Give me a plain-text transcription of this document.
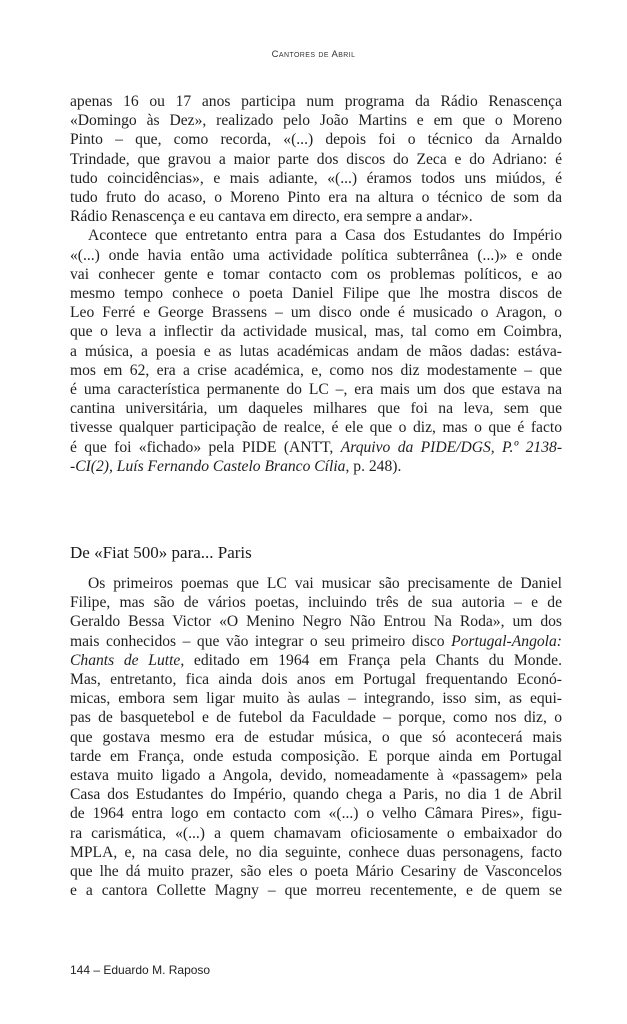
Cantores de Abril

apenas 16 ou 17 anos participa num programa da Rádio Renascença
«Domingo às Dez», realizado pelo João Martins e em que o Moreno
Pinto – que, como recorda, «(...) depois foi o técnico da Arnaldo
Trindade, que gravou a maior parte dos discos do Zeca e do Adriano: é
tudo coincidências», e mais adiante, «(...) éramos todos uns miúdos, é
tudo fruto do acaso, o Moreno Pinto era na altura o técnico de som da
Rádio Renascença e eu cantava em directo, era sempre a andar».

Acontece que entretanto entra para a Casa dos Estudantes do Império
«(...) onde havia então uma actividade política subterrânea (...)» e onde
vai conhecer gente e tomar contacto com os problemas políticos, e ao
mesmo tempo conhece o poeta Daniel Filipe que lhe mostra discos de
Leo Ferré e George Brassens – um disco onde é musicado o Aragon, o
que o leva a inflectir da actividade musical, mas, tal como em Coimbra,
a música, a poesia e as lutas académicas andam de mãos dadas: estáva-
mos em 62, era a crise académica, e, como nos diz modestamente – que
é uma característica permanente do LC –, era mais um dos que estava na
cantina universitária, um daqueles milhares que foi na leva, sem que
tivesse qualquer participação de realce, é ele que o diz, mas o que é facto
é que foi «fichado» pela PIDE (ANTT, Arquivo da PIDE/DGS, P.º 2138-
-CI(2), Luís Fernando Castelo Branco Cília, p. 248).

De «Fiat 500» para... Paris

Os primeiros poemas que LC vai musicar são precisamente de Daniel
Filipe, mas são de vários poetas, incluindo três de sua autoria – e de
Geraldo Bessa Victor «O Menino Negro Não Entrou Na Roda», um dos
mais conhecidos – que vão integrar o seu primeiro disco Portugal-Angola:
Chants de Lutte, editado em 1964 em França pela Chants du Monde.
Mas, entretanto, fica ainda dois anos em Portugal frequentando Econó-
micas, embora sem ligar muito às aulas – integrando, isso sim, as equi-
pas de basquetebol e de futebol da Faculdade – porque, como nos diz, o
que gostava mesmo era de estudar música, o que só acontecerá mais
tarde em França, onde estuda composição. E porque ainda em Portugal
estava muito ligado a Angola, devido, nomeadamente à «passagem» pela
Casa dos Estudantes do Império, quando chega a Paris, no dia 1 de Abril
de 1964 entra logo em contacto com «(...) o velho Câmara Pires», figu-
ra carismática, «(...) a quem chamavam oficiosamente o embaixador do
MPLA, e, na casa dele, no dia seguinte, conhece duas personagens, facto
que lhe dá muito prazer, são eles o poeta Mário Cesariny de Vasconcelos
e a cantora Collette Magny – que morreu recentemente, e de quem se

144 – Eduardo M. Raposo
